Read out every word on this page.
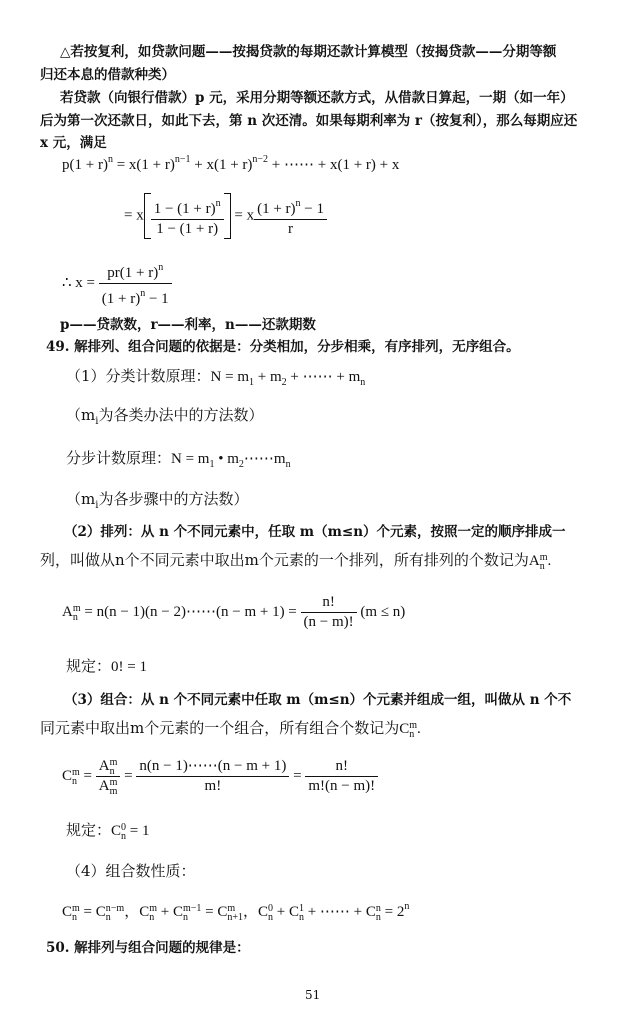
△若按复利，如贷款问题——按揭贷款的每期还款计算模型（按揭贷款——分期等额
归还本息的借款种类）
若贷款（向银行借款）p 元，采用分期等额还款方式，从借款日算起，一期（如一年）
后为第一次还款日，如此下去，第 n 次还清。如果每期利率为 r（按复利），那么每期应还
x 元，满足
$p(1 + r)^n = x(1 + r)^{n-1} + x(1 + r)^{n-2}$ + ⋯⋯ + x(1 + r) + x
= x $\frac{1 - (1 + r)^n}{1 - (1 + r)} = x \frac{(1 + r)^n - 1}{r}$
∴ $x = \frac{pr(1 + r)^n}{(1 + r)^n - 1}$
p——贷款数，r——利率，n——还款期数
49. 解排列、组合问题的依据是：分类相加，分步相乘，有序排列，无序组合。
（1）分类计数原理：$N = m_1 + m_2$ + ⋯⋯ + $m_n$
（$m_i$为各类办法中的方法数）
分步计数原理：$N = m_1$ • $m_2\cdots\cdots m_n$
（$m_i$为各步骤中的方法数）
（2）排列：从 n 个不同元素中，任取 m（m≤n）个元素，按照一定的顺序排成一
列，叫做从n个不同元素中取出m个元素的一个排列，所有排列的个数记为A m
n .
A m
n = n(n − 1)(n − 2)⋯⋯(n − $m + 1) = \frac{n!}{(n - m)!} (m \le n)$
规定：0! = 1
（3）组合：从 n 个不同元素中任取 m（m≤n）个元素并组成一组，叫做从 n 个不
同元素中取出m个元素的一个组合，所有组合个数记为C m
n .
C m
n = A m
n
A m
$m = \frac{n(n - 1)\cdots\cdots(n - m + 1)}{m!} = \frac{n!}{m!(n - m)!}$
规定：C 0
n = 1
（4）组合数性质：
C m
n = C n−m
n ，C m
n + C m−1
n = C m
n+1 ，C 0
n + C 1
n + ⋯⋯ + C n
$n = 2^n$
50. 解排列与组合问题的规律是：
51
